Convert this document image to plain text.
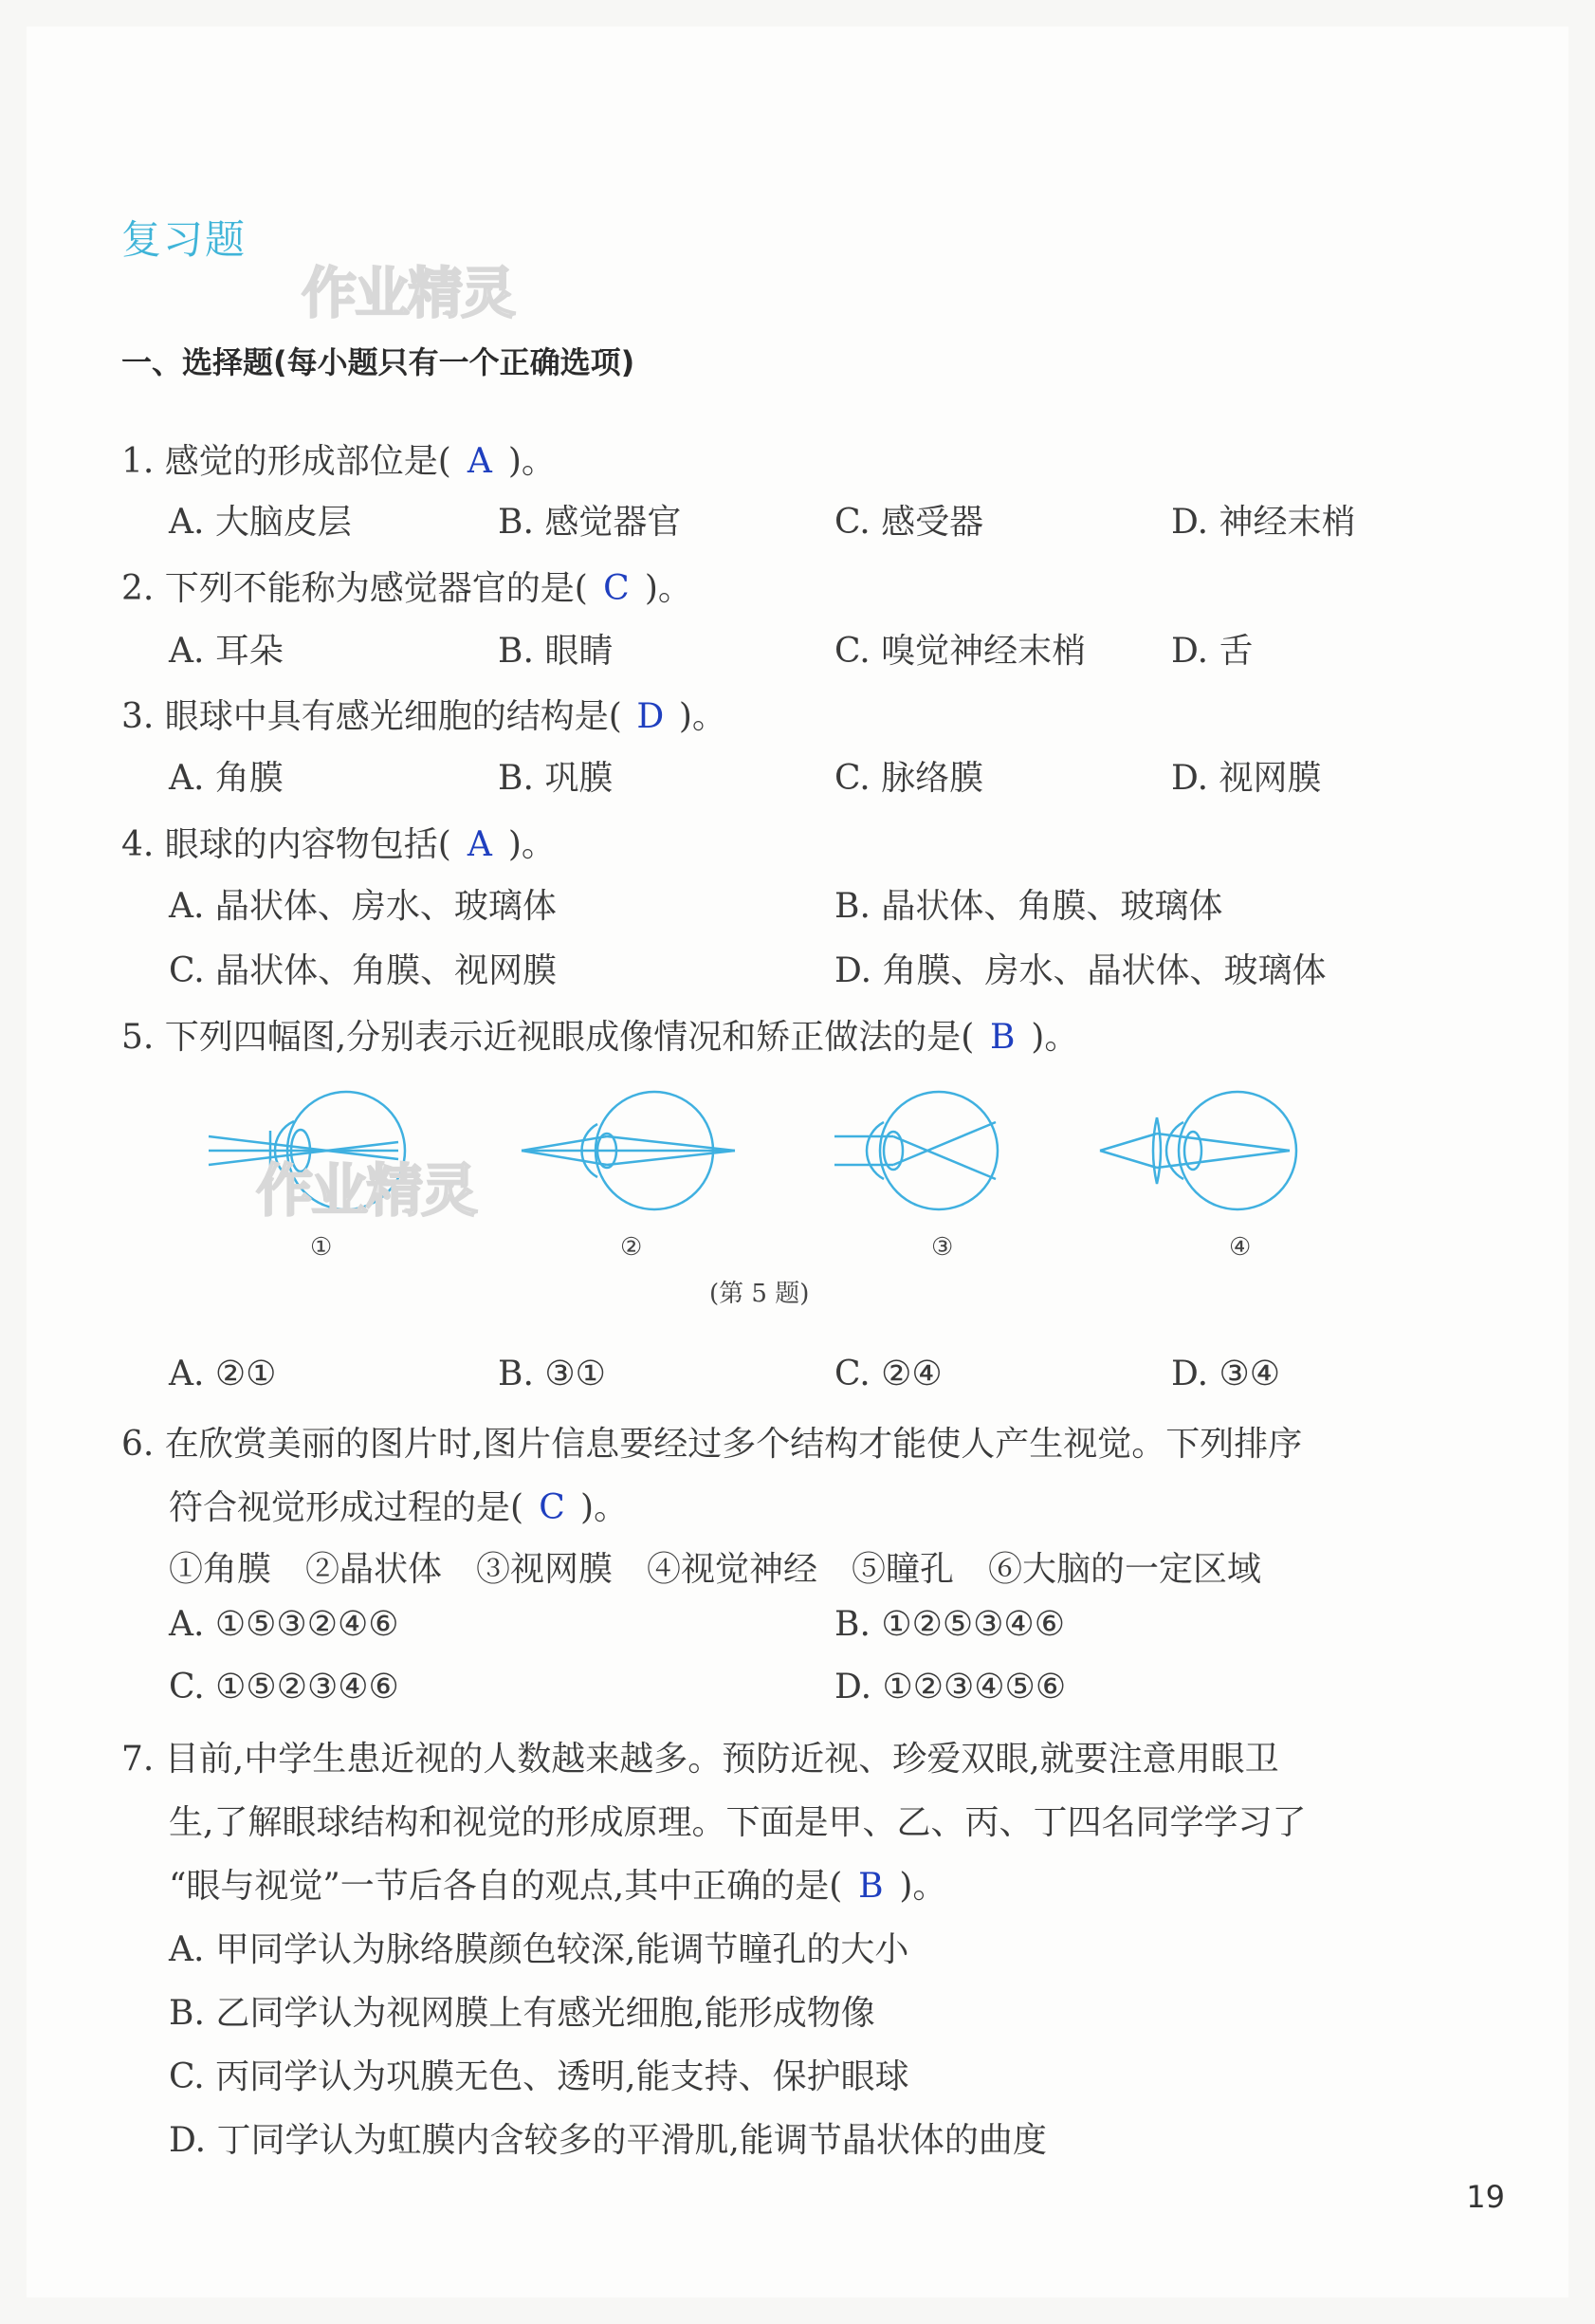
复习题
作业精灵
一、选择题(每小题只有一个正确选项)
1. 感觉的形成部位是( A )。
A. 大脑皮层	B. 感觉器官	C. 感受器	D. 神经末梢
2. 下列不能称为感觉器官的是( C )。
A. 耳朵	B. 眼睛	C. 嗅觉神经末梢 D. 舌
3. 眼球中具有感光细胞的结构是( D )。
A. 角膜	B. 巩膜	C. 脉络膜	D. 视网膜
4. 眼球的内容物包括( A )。
A. 晶状体、房水、玻璃体	B. 晶状体、角膜、玻璃体
C. 晶状体、角膜、视网膜	D. 角膜、房水、晶状体、玻璃体
5. 下列四幅图,分别表示近视眼成像情况和矫正做法的是( B )。
作业精灵
①	②	③	④
(第 5 题)
A. ②①	B. ③①	C. ②④	D. ③④
6. 在欣赏美丽的图片时,图片信息要经过多个结构才能使人产生视觉。下列排序
符合视觉形成过程的是( C )。
①角膜　②晶状体　③视网膜　④视觉神经　⑤瞳孔　⑥大脑的一定区域
A. ①⑤③②④⑥	B. ①②⑤③④⑥
C. ①⑤②③④⑥	D. ①②③④⑤⑥
7. 目前,中学生患近视的人数越来越多。预防近视、珍爱双眼,就要注意用眼卫
生,了解眼球结构和视觉的形成原理。下面是甲、乙、丙、丁四名同学学习了
“眼与视觉”一节后各自的观点,其中正确的是( B )。
A. 甲同学认为脉络膜颜色较深,能调节瞳孔的大小
B. 乙同学认为视网膜上有感光细胞,能形成物像
C. 丙同学认为巩膜无色、透明,能支持、保护眼球
D. 丁同学认为虹膜内含较多的平滑肌,能调节晶状体的曲度
19
